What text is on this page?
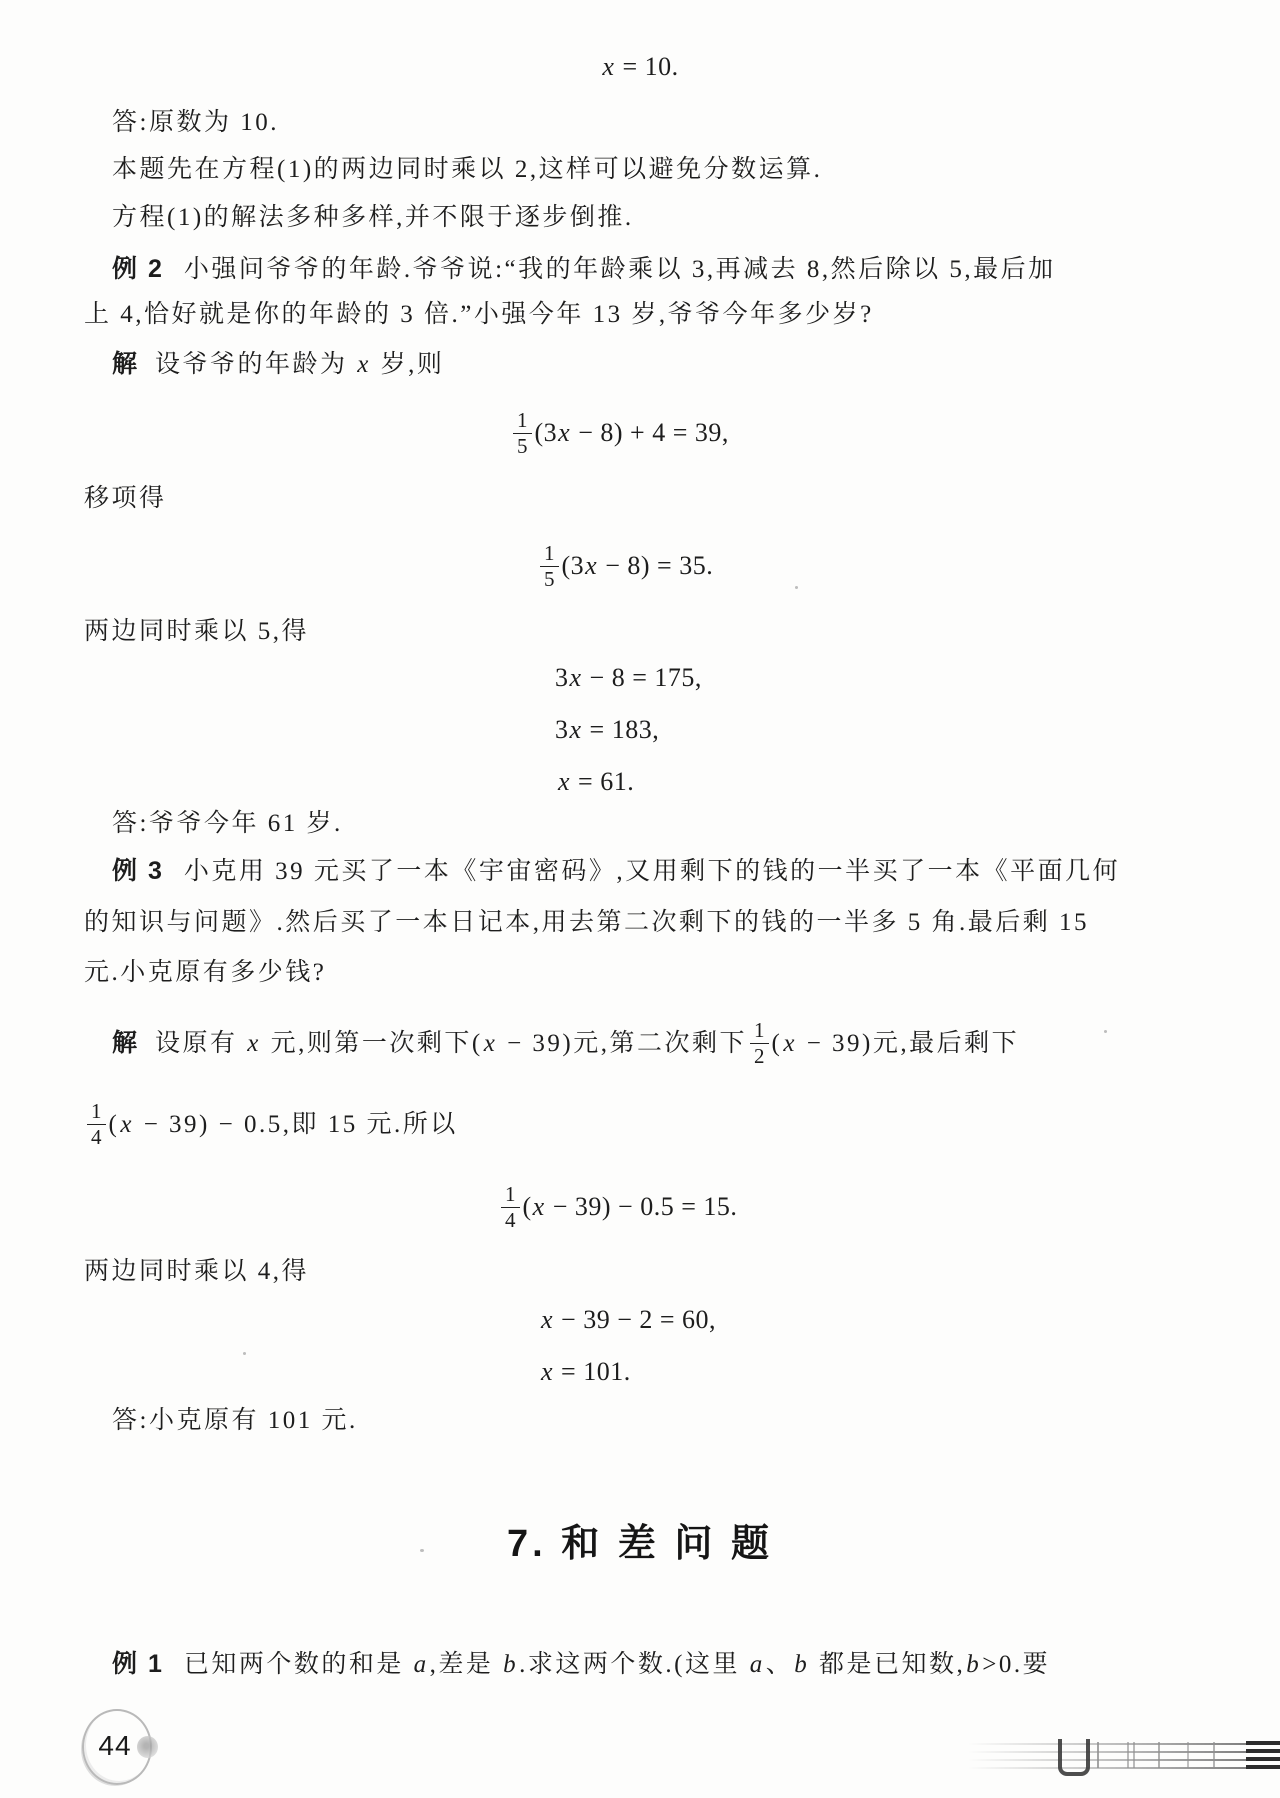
x = 10.
答:原数为 10.
本题先在方程(1)的两边同时乘以 2,这样可以避免分数运算.
方程(1)的解法多种多样,并不限于逐步倒推.
例 2 小强问爷爷的年龄.爷爷说:“我的年龄乘以 3,再减去 8,然后除以 5,最后加
上 4,恰好就是你的年龄的 3 倍.”小强今年 13 岁,爷爷今年多少岁?
解 设爷爷的年龄为 x 岁,则
$\frac{1}{5} (3x - 8) + 4 = 39$,
移项得
$\frac{1}{5} (3x - 8) = 35$.
两边同时乘以 5,得
3x − 8 = 175,
3x = 183,
x = 61.
答:爷爷今年 61 岁.
例 3 小克用 39 元买了一本《宇宙密码》,又用剩下的钱的一半买了一本《平面几何
的知识与问题》.然后买了一本日记本,用去第二次剩下的钱的一半多 5 角.最后剩 15
元.小克原有多少钱?
解 设原有 x 元,则第一次剩下(x − 39)元,第二次剩下 $\frac{1}{2} (x - 39)$元,最后剩下
$\frac{1}{4} (x - 39) - 0.5$,即 15 元.所以
$\frac{1}{4} (x - 39) - 0.5 = 15$.
两边同时乘以 4,得
x − 39 − 2 = 60,
x = 101.
答:小克原有 101 元.
7. 和 差 问 题
例 1 已知两个数的和是 a,差是 b.求这两个数.(这里 a、b 都是已知数,b>0.要
44
